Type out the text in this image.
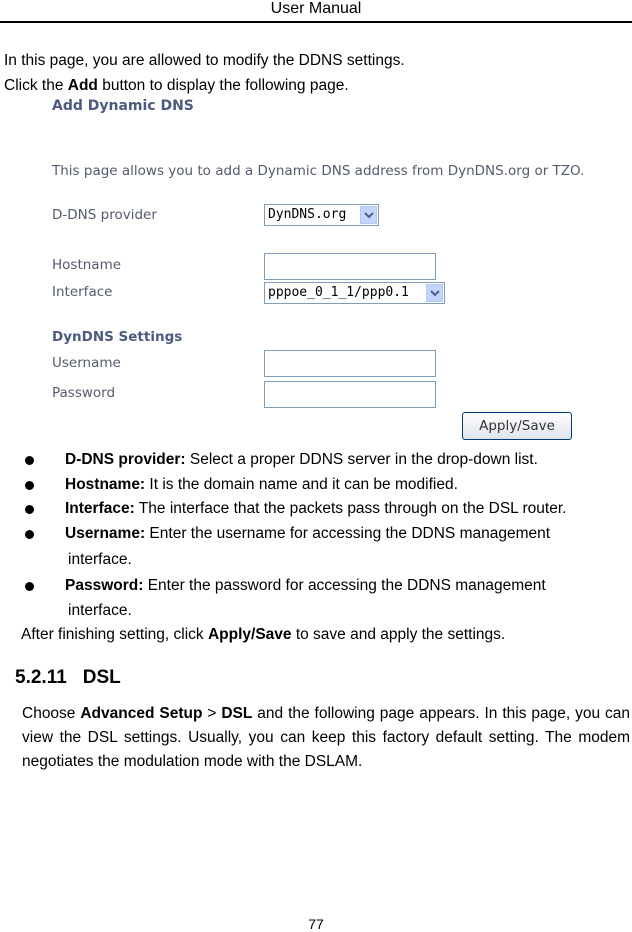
User Manual
In this page, you are allowed to modify the DDNS settings.
Click the Add button to display the following page.
Add Dynamic DNS
This page allows you to add a Dynamic DNS address from DynDNS.org or TZO.
D-DNS provider	DynDNS.org
Hostname
Interface	pppoe_0_1_1/ppp0.1
DynDNS Settings
Username
Password
Apply/Save
D-DNS provider: Select a proper DDNS server in the drop-down list.
Hostname: It is the domain name and it can be modified.
Interface: The interface that the packets pass through on the DSL router.
Username: Enter the username for accessing the DDNS management
interface.
Password: Enter the password for accessing the DDNS management
interface.
After finishing setting, click Apply/Save to save and apply the settings.
5.2.11 DSL
Choose Advanced Setup > DSL and the following page appears. In this page, you can view the DSL settings. Usually, you can keep this factory default setting. The modem negotiates the modulation mode with the DSLAM.
77
